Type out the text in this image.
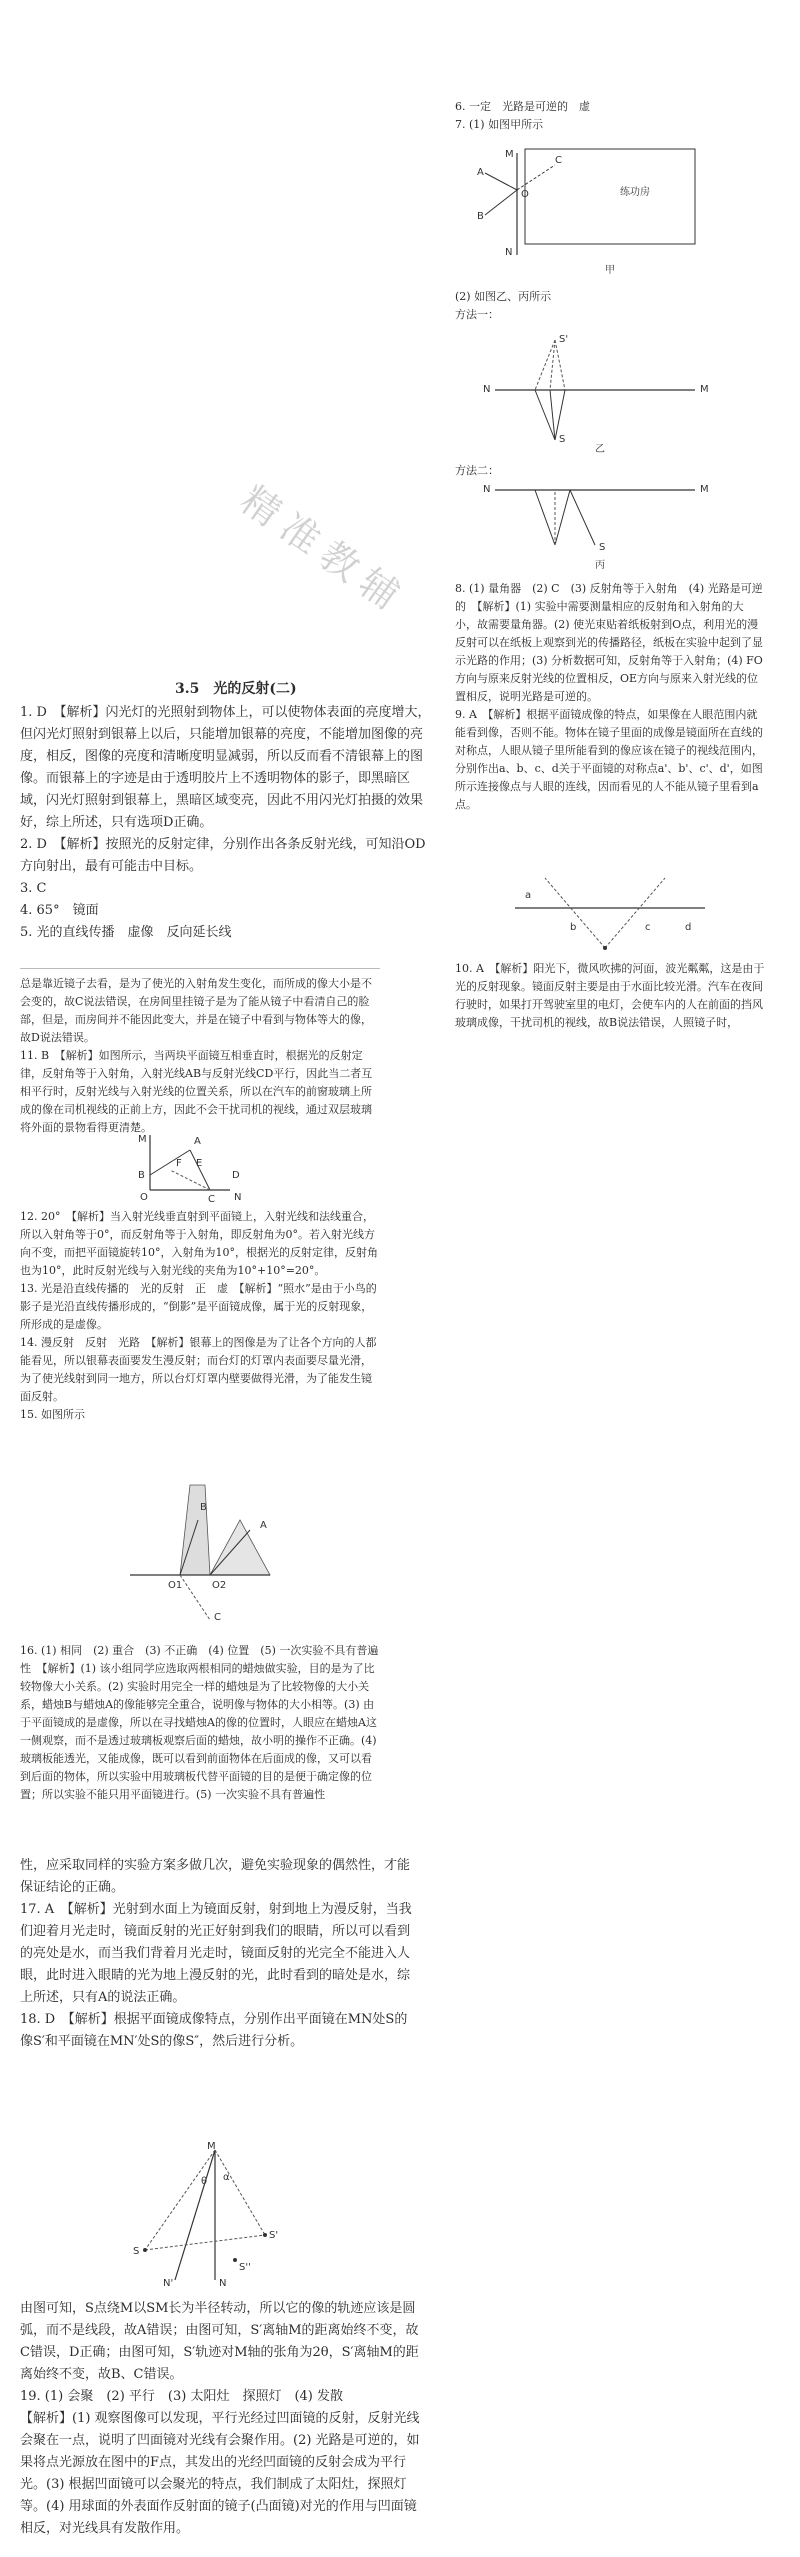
6. 一定　光路是可逆的　虚

7. (1) 如图甲所示

A
B
C
M
N
O	练功房
甲

(2) 如图乙、丙所示

方法一：

S'
M
N
S
乙

方法二：

M
N
S
丙

8. (1) 量角器　(2) C　(3) 反射角等于入射角　(4) 光路是可逆的　【解析】(1) 实验中需要测量相应的反射角和入射角的大小，故需要量角器。(2) 使光束贴着纸板射到O点，利用光的漫反射可以在纸板上观察到光的传播路径，纸板在实验中起到了显示光路的作用；(3) 分析数据可知，反射角等于入射角；(4) FO方向与原来反射光线的位置相反，OE方向与原来入射光线的位置相反，说明光路是可逆的。

9. A　【解析】根据平面镜成像的特点，如果像在人眼范围内就能看到像，否则不能。物体在镜子里面的成像是镜面所在直线的对称点，人眼从镜子里所能看到的像应该在镜子的视线范围内，分别作出a、b、c、d关于平面镜的对称点a'、b'、c'、d'，如图所示连接像点与人眼的连线，因而看见的人不能从镜子里看到a点。

a
b	c	d

10. A　【解析】阳光下，微风吹拂的河面，波光粼粼，这是由于光的反射现象。镜面反射主要是由于水面比较光滑。汽车在夜间行驶时，如果打开驾驶室里的电灯，会使车内的人在前面的挡风玻璃成像，干扰司机的视线，故B说法错误，人照镜子时，

精准教辅
3.5　光的反射(二)

1. D　【解析】闪光灯的光照射到物体上，可以使物体表面的亮度增大，但闪光灯照射到银幕上以后，只能增加银幕的亮度，不能增加图像的亮度，相反，图像的亮度和清晰度明显减弱，所以反而看不清银幕上的图像。而银幕上的字迹是由于透明胶片上不透明物体的影子，即黑暗区域，闪光灯照射到银幕上，黑暗区域变亮，因此不用闪光灯拍摄的效果好，综上所述，只有选项D正确。

2. D　【解析】按照光的反射定律，分别作出各条反射光线，可知沿OD方向射出，最有可能击中目标。

3. C

4. 65°　镜面

5. 光的直线传播　虚像　反向延长线

总是靠近镜子去看，是为了使光的入射角发生变化，而所成的像大小是不会变的，故C说法错误，在房间里挂镜子是为了能从镜子中看清自己的脸部，但是，而房间并不能因此变大，并是在镜子中看到与物体等大的像，故D说法错误。

11. B　【解析】如图所示，当两块平面镜互相垂直时，根据光的反射定律，反射角等于入射角，入射光线AB与反射光线CD平行，因此当二者互相平行时，反射光线与入射光线的位置关系，所以在汽车的前窗玻璃上所成的像在司机视线的正前上方，因此不会干扰司机的视线，通过双层玻璃将外面的景物看得更清楚。

M	A
B
E
F
C
D
O	N

12. 20°　【解析】当入射光线垂直射到平面镜上，入射光线和法线重合，所以入射角等于0°，而反射角等于入射角，即反射角为0°。若入射光线方向不变，而把平面镜旋转10°，入射角为10°，根据光的反射定律，反射角也为10°，此时反射光线与入射光线的夹角为10°+10°=20°。

13. 光是沿直线传播的　光的反射　正　虚　【解析】“照水”是由于小鸟的影子是光沿直线传播形成的，“倒影”是平面镜成像，属于光的反射现象，所形成的是虚像。

14. 漫反射　反射　光路　【解析】银幕上的图像是为了让各个方向的人都能看见，所以银幕表面要发生漫反射；而台灯的灯罩内表面要尽量光滑，为了使光线射到同一地方，所以台灯灯罩内壁要做得光滑，为了能发生镜面反射。

15. 如图所示

A
B
O1	O2
C

16. (1) 相同　(2) 重合　(3) 不正确　(4) 位置　(5) 一次实验不具有普遍性　【解析】(1) 该小组同学应选取两根相同的蜡烛做实验，目的是为了比较物像大小关系。(2) 实验时用完全一样的蜡烛是为了比较物像的大小关系，蜡烛B与蜡烛A的像能够完全重合，说明像与物体的大小相等。(3) 由于平面镜成的是虚像，所以在寻找蜡烛A的像的位置时，人眼应在蜡烛A这一侧观察，而不是透过玻璃板观察后面的蜡烛，故小明的操作不正确。(4) 玻璃板能透光，又能成像，既可以看到前面物体在后面成的像，又可以看到后面的物体，所以实验中用玻璃板代替平面镜的目的是便于确定像的位置；所以实验不能只用平面镜进行。(5) 一次实验不具有普遍性

性，应采取同样的实验方案多做几次，避免实验现象的偶然性，才能保证结论的正确。

17. A　【解析】光射到水面上为镜面反射，射到地上为漫反射，当我们迎着月光走时，镜面反射的光正好射到我们的眼睛，所以可以看到的亮处是水，而当我们背着月光走时，镜面反射的光完全不能进入人眼，此时进入眼睛的光为地上漫反射的光，此时看到的暗处是水，综上所述，只有A的说法正确。

18. D　【解析】根据平面镜成像特点，分别作出平面镜在MN处S的像S′和平面镜在MN′处S的像S″，然后进行分析。

M
N
N'
S
S'
S''
α
θ

由图可知，S点绕M以SM长为半径转动，所以它的像的轨迹应该是圆弧，而不是线段，故A错误；由图可知，S′离轴M的距离始终不变，故C错误，D正确；由图可知，S′轨迹对M轴的张角为2θ，S′离轴M的距离始终不变，故B、C错误。

19. (1) 会聚　(2) 平行　(3) 太阳灶　探照灯　(4) 发散

【解析】(1) 观察图像可以发现，平行光经过凹面镜的反射，反射光线会聚在一点，说明了凹面镜对光线有会聚作用。(2) 光路是可逆的，如果将点光源放在图中的F点，其发出的光经凹面镜的反射会成为平行光。(3) 根据凹面镜可以会聚光的特点，我们制成了太阳灶，探照灯等。(4) 用球面的外表面作反射面的镜子(凸面镜)对光的作用与凹面镜相反，对光线具有发散作用。
